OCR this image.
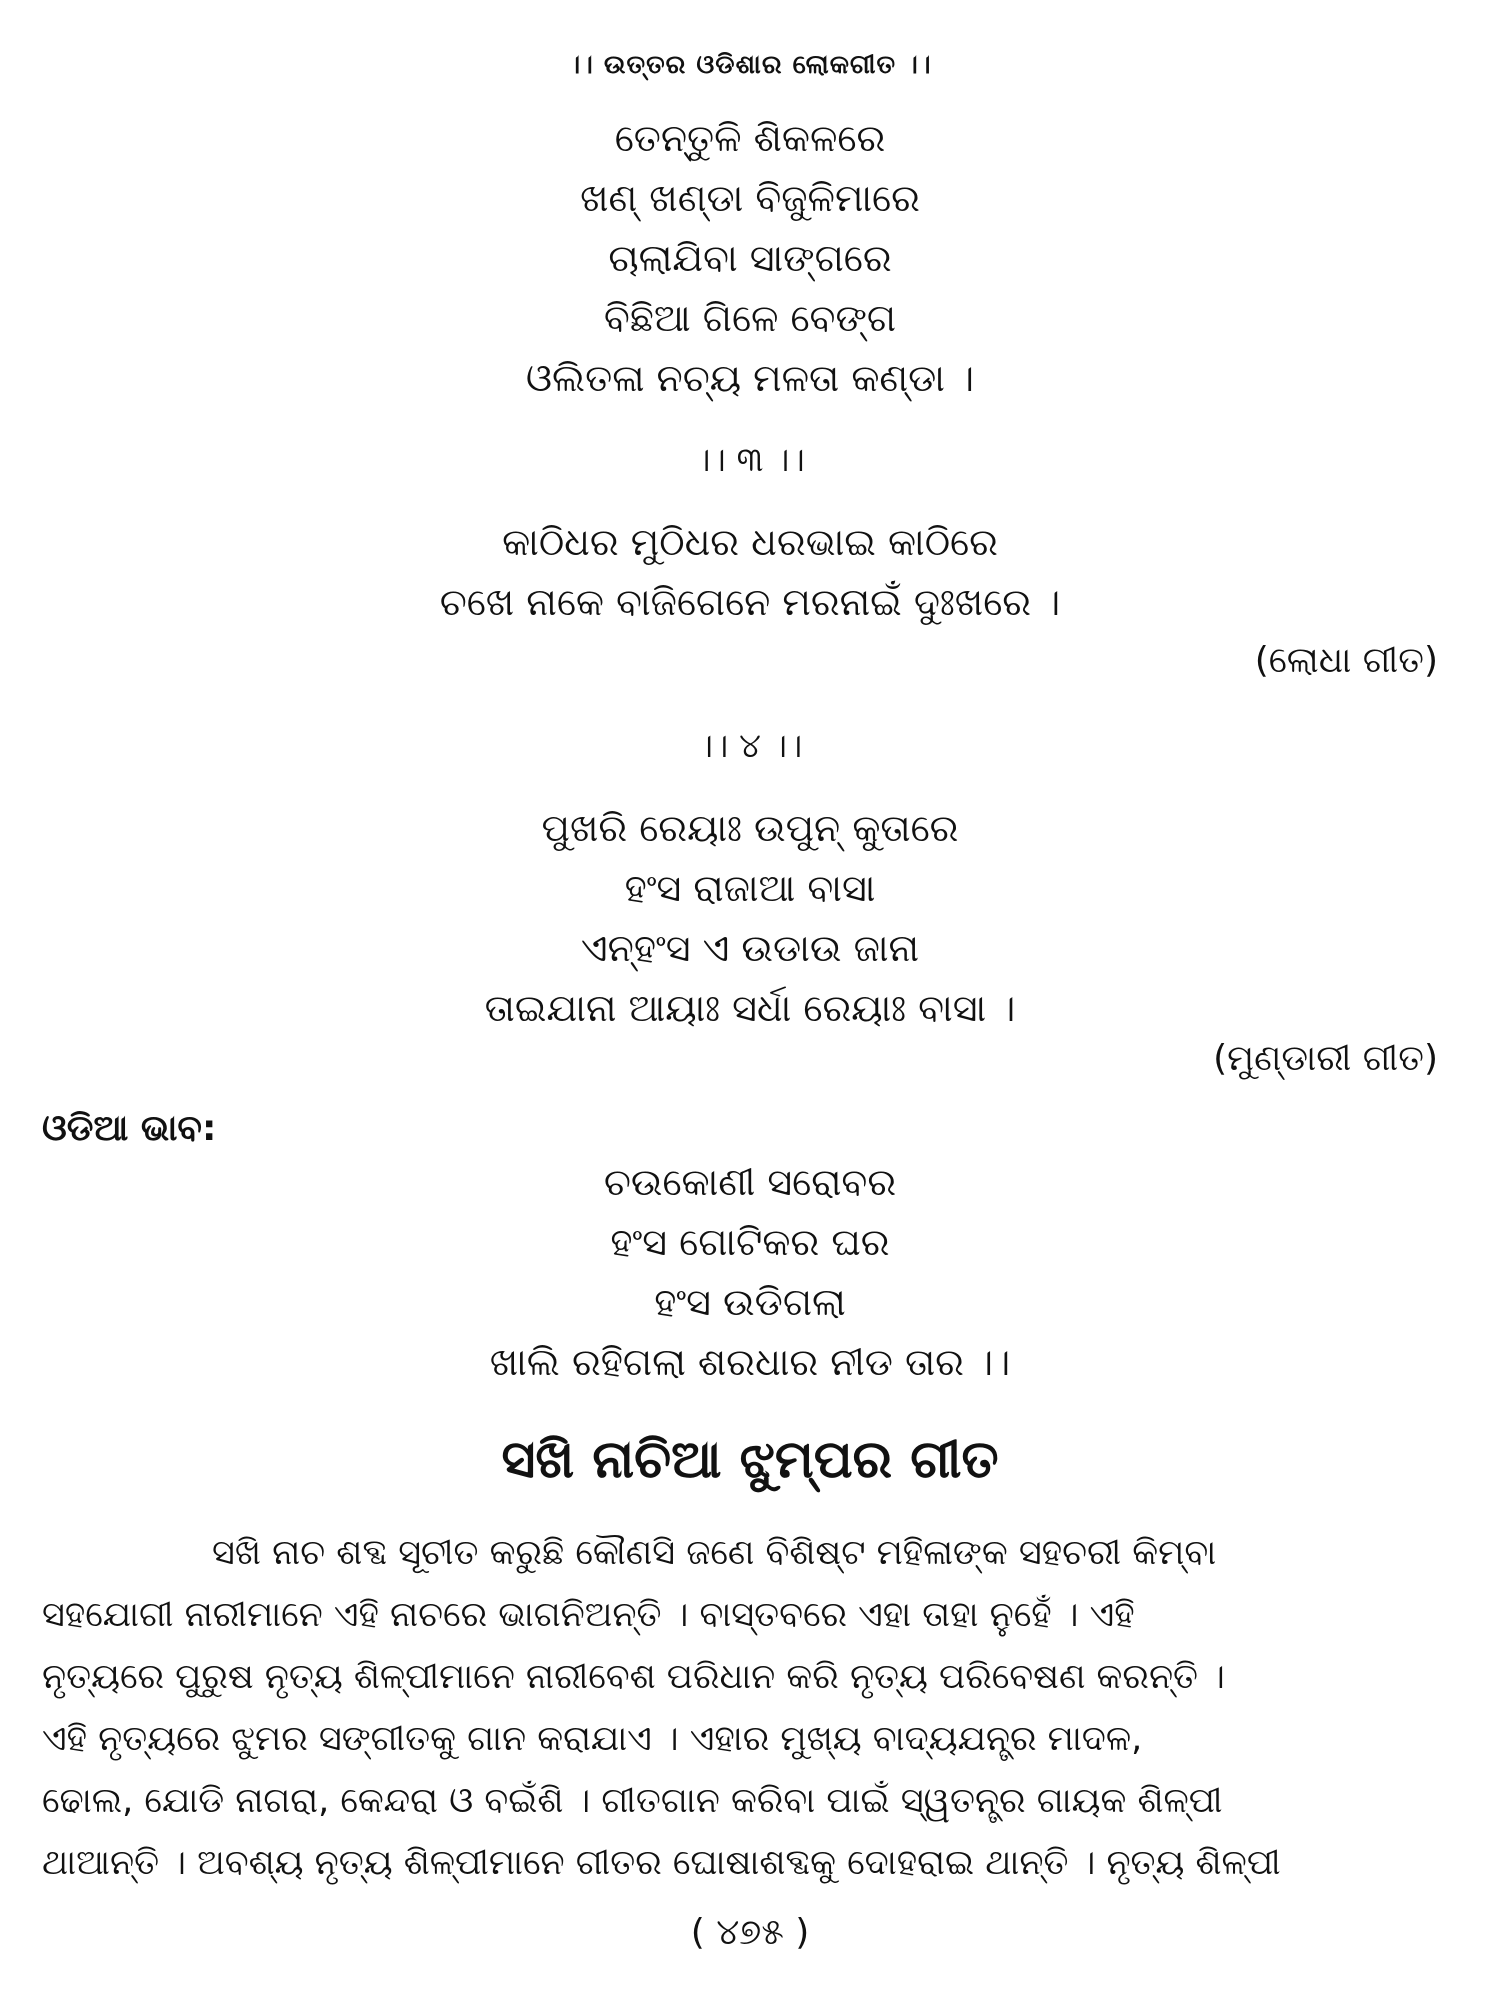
।। ଉତ୍ତର ଓଡିଶାର ଲୋକଗୀତ ।।
ତେନ୍ତୁଳି ଶିକଳରେ
ଖଣ୍ ଖଣ୍ଡା ବିଜୁଳିମାରେ
ଚାଲାଯିବା ସାଙ୍ଗରେ
ବିଛିଆ ଗିଳେ ବେଙ୍ଗ
ଓଲିତଳା ନଚ୍ୟ ମଳତା କଣ୍ଡା ।
।। ୩ ।।
କାଠିଧର ମୁଠିଧର ଧରଭାଇ କାଠିରେ
ଚଖେ ନାକେ ବାଜିଗେନେ ମରନାଇଁ ଦୁଃଖରେ ।
(ଲୋଧା ଗୀତ)
।। ୪ ।।
ପୁଖରି ରେୟାଃ ଉପୁନ୍ କୁତାରେ
ହଂସ ରାଜାଆ ବାସା
ଏନ୍‌ହଂସ ଏ ଉଡାଉ ଜାନା
ତାଇଯାନା ଆୟାଃ ସର୍ଧା ରେୟାଃ ବାସା ।
(ମୁଣ୍ଡାରୀ ଗୀତ)
ଓଡିଆ ଭାବ:
ଚଉକୋଣୀ ସରୋବର
ହଂସ ଗୋଟିକର ଘର
ହଂସ ଉଡିଗଲା
ଖାଲି ରହିଗଲା ଶରଧାର ନୀଡ ତାର ।।
ସଖି ନାଚିଆ ଝୁମ୍ପର ଗୀତ
ସଖି ନାଚ ଶବ୍ଦ ସୂଚୀତ କରୁଛି କୌଣସି ଜଣେ ବିଶିଷ୍ଟ ମହିଳାଙ୍କ ସହଚରୀ କିମ୍ବା
ସହଯୋଗୀ ନାରୀମାନେ ଏହି ନାଚରେ ଭାଗନିଅନ୍ତି । ବାସ୍ତବରେ ଏହା ତାହା ନୁହେଁ । ଏହି
ନୃତ୍ୟରେ ପୁରୁଷ ନୃତ୍ୟ ଶିଳ୍ପୀମାନେ ନାରୀବେଶ ପରିଧାନ କରି ନୃତ୍ୟ ପରିବେଷଣ କରନ୍ତି ।
ଏହି ନୃତ୍ୟରେ ଝୁମର ସଙ୍ଗୀତକୁ ଗାନ କରାଯାଏ । ଏହାର ମୁଖ୍ୟ ବାଦ୍ୟଯନ୍ତ୍ର ମାଦଳ,
ଢୋଲ, ଯୋଡି ନାଗରା, କେନ୍ଦରା ଓ ବଇଁଶି । ଗୀତଗାନ କରିବା ପାଇଁ ସ୍ୱତନ୍ତ୍ର ଗାୟକ ଶିଳ୍ପୀ
ଥାଆନ୍ତି । ଅବଶ୍ୟ ନୃତ୍ୟ ଶିଳ୍ପୀମାନେ ଗୀତର ଘୋଷାଶବ୍ଦକୁ ଦୋହରାଇ ଥାନ୍ତି । ନୃତ୍ୟ ଶିଳ୍ପୀ
( ୪୭୫ )
